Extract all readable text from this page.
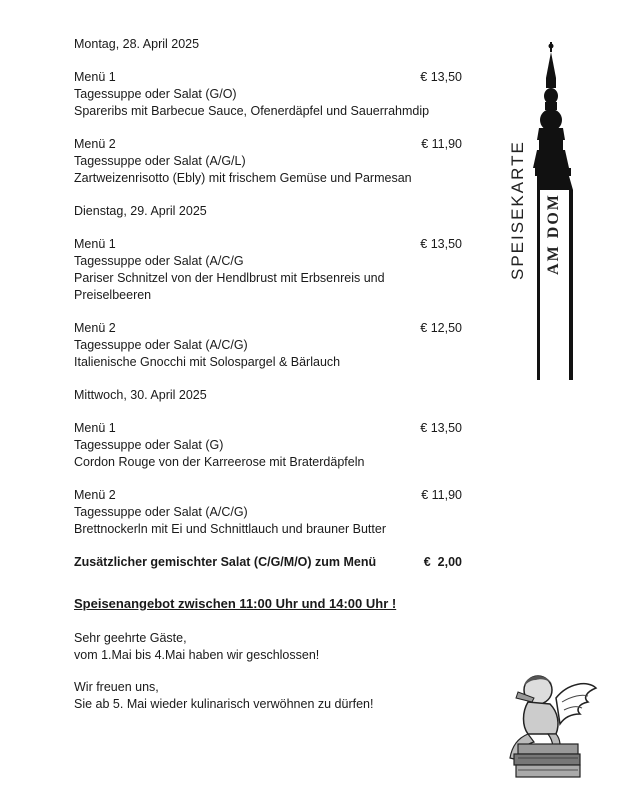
Montag, 28. April 2025
Menü 1	€ 13,50
Tagessuppe oder Salat (G/O)
Spareribs mit Barbecue Sauce, Ofenerdäpfel und Sauerrahmdip
Menü 2	€ 11,90
Tagessuppe oder Salat (A/G/L)
Zartweizenrisotto (Ebly) mit frischem Gemüse und Parmesan
Dienstag, 29. April 2025
Menü 1	€ 13,50
Tagessuppe oder Salat (A/C/G
Pariser Schnitzel von der Hendlbrust mit Erbsenreis und Preiselbeeren
Menü 2	€ 12,50
Tagessuppe oder Salat (A/C/G)
Italienische Gnocchi mit Solospargel & Bärlauch
Mittwoch, 30. April 2025
Menü 1	€ 13,50
Tagessuppe oder Salat (G)
Cordon Rouge von der Karreerose mit Braterdäpfeln
Menü 2	€ 11,90
Tagessuppe oder Salat (A/C/G)
Brettnockerln mit Ei und Schnittlauch und brauner Butter
Zusätzlicher gemischter Salat (C/G/M/O) zum Menü	€  2,00
Speisenangebot zwischen 11:00 Uhr und 14:00 Uhr !

Sehr geehrte Gäste,
vom 1.Mai bis 4.Mai haben wir geschlossen!

Wir freuen uns,
Sie ab 5. Mai wieder kulinarisch verwöhnen zu dürfen!

SPEISEKARTE AM DOM
